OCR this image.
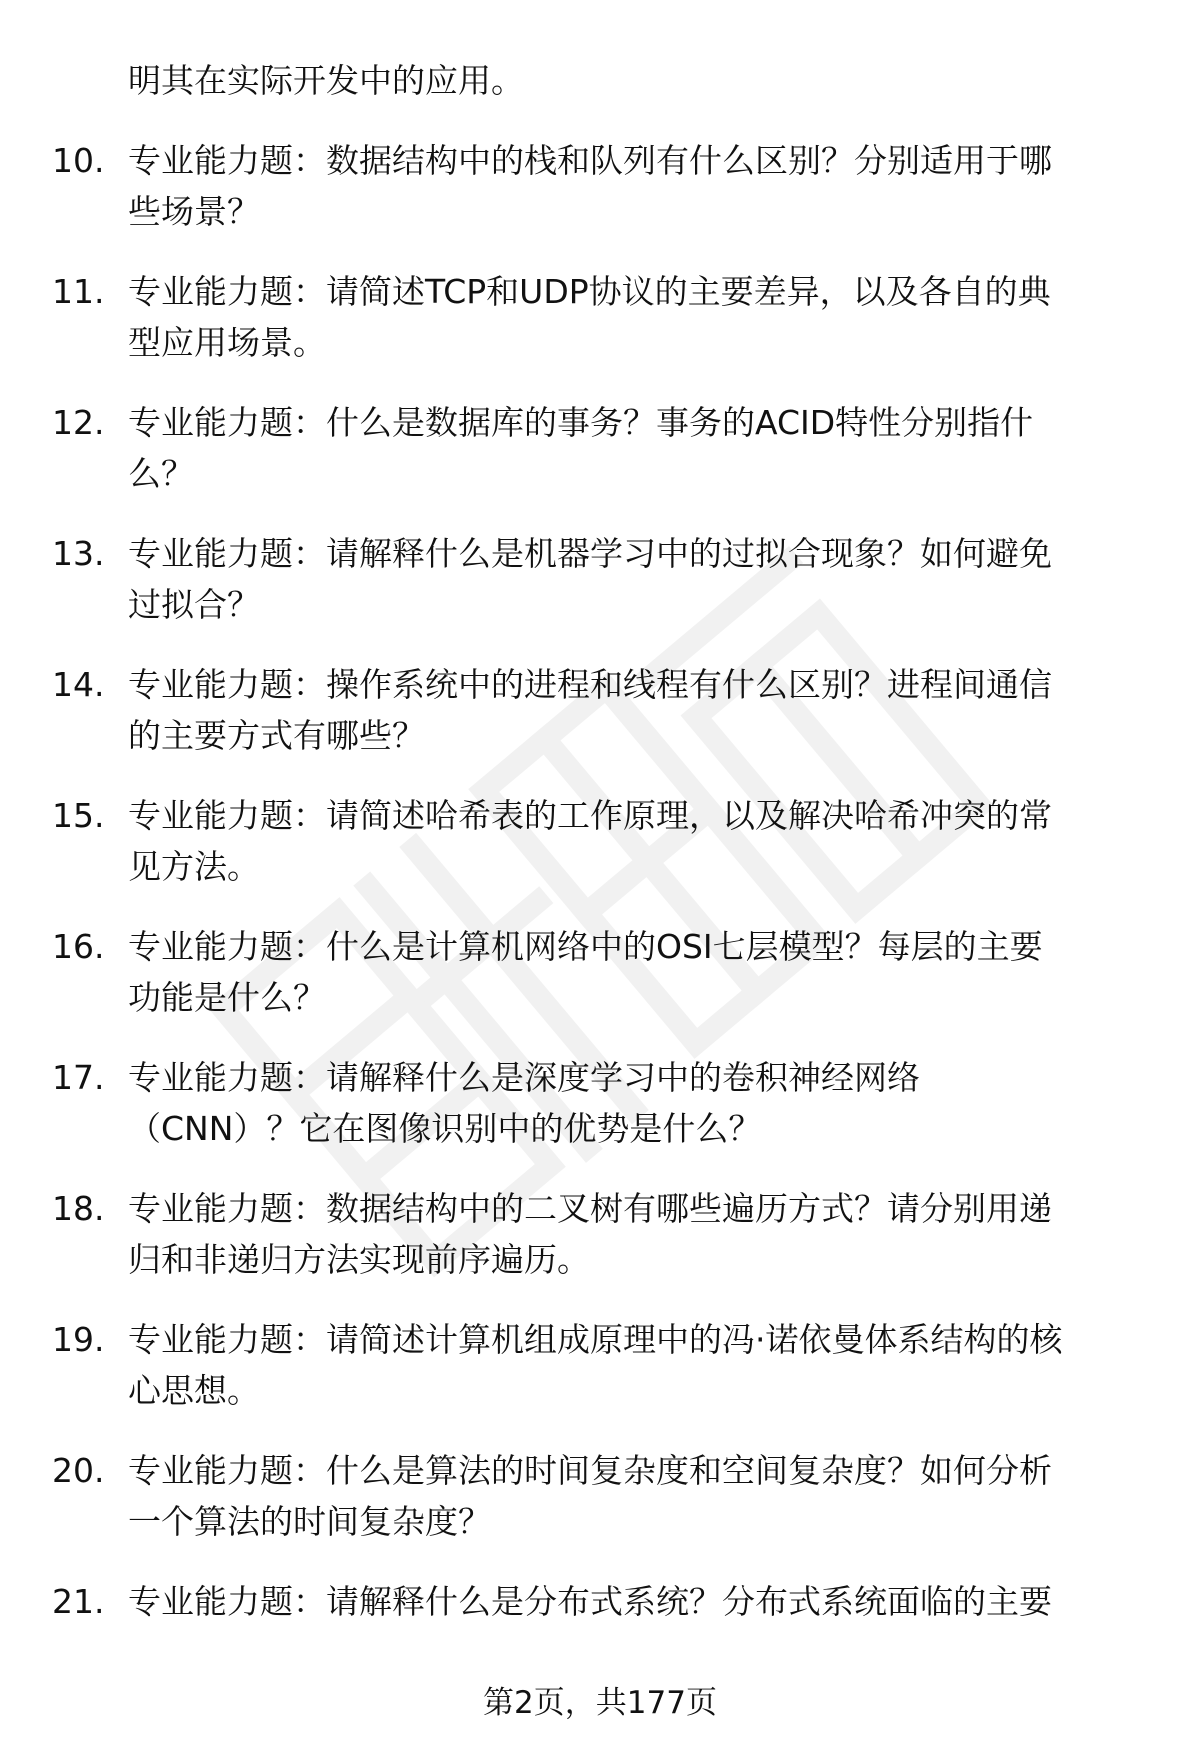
明其在实际开发中的应用。
10. 专业能力题：数据结构中的栈和队列有什么区别？分别适用于哪
些场景？
11. 专业能力题：请简述TCP和UDP协议的主要差异，以及各自的典
型应用场景。
12. 专业能力题：什么是数据库的事务？事务的ACID特性分别指什
么？
13. 专业能力题：请解释什么是机器学习中的过拟合现象？如何避免
过拟合？
14. 专业能力题：操作系统中的进程和线程有什么区别？进程间通信
的主要方式有哪些？
15. 专业能力题：请简述哈希表的工作原理，以及解决哈希冲突的常
见方法。
16. 专业能力题：什么是计算机网络中的OSI七层模型？每层的主要
功能是什么？
17. 专业能力题：请解释什么是深度学习中的卷积神经网络
（CNN）？它在图像识别中的优势是什么？
18. 专业能力题：数据结构中的二叉树有哪些遍历方式？请分别用递
归和非递归方法实现前序遍历。
19. 专业能力题：请简述计算机组成原理中的冯·诺依曼体系结构的核
心思想。
20. 专业能力题：什么是算法的时间复杂度和空间复杂度？如何分析
一个算法的时间复杂度？
21. 专业能力题：请解释什么是分布式系统？分布式系统面临的主要
第2页，共177页
